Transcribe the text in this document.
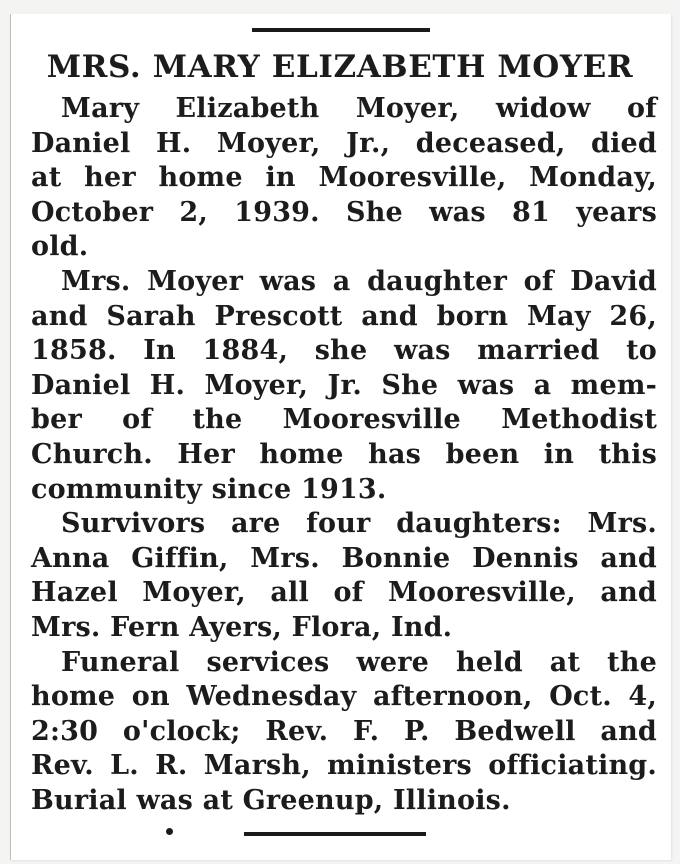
MRS. MARY ELIZABETH MOYER
Mary Elizabeth Moyer, widow of
Daniel H. Moyer, Jr., deceased, died
at her home in Mooresville, Monday,
October 2, 1939. She was 81 years
old.
Mrs. Moyer was a daughter of David
and Sarah Prescott and born May 26,
1858. In 1884, she was married to
Daniel H. Moyer, Jr. She was a mem-
ber of the Mooresville Methodist
Church. Her home has been in this
community since 1913.
Survivors are four daughters: Mrs.
Anna Giffin, Mrs. Bonnie Dennis and
Hazel Moyer, all of Mooresville, and
Mrs. Fern Ayers, Flora, Ind.
Funeral services were held at the
home on Wednesday afternoon, Oct. 4,
2:30 o'clock; Rev. F. P. Bedwell and
Rev. L. R. Marsh, ministers officiating.
Burial was at Greenup, Illinois.
